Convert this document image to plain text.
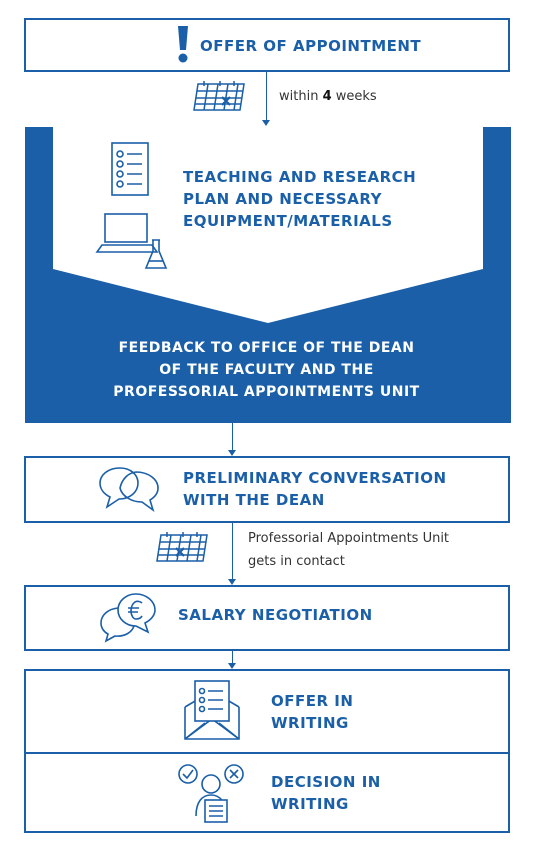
OFFER OF APPOINTMENT
within 4 weeks
TEACHING AND RESEARCH
PLAN AND NECESSARY
EQUIPMENT/MATERIALS
FEEDBACK TO OFFICE OF THE DEAN
OF THE FACULTY AND THE
PROFESSORIAL APPOINTMENTS UNIT
PRELIMINARY CONVERSATION
WITH THE DEAN
Professorial Appointments Unit
gets in contact
SALARY NEGOTIATION
OFFER IN
WRITING
DECISION IN
WRITING
